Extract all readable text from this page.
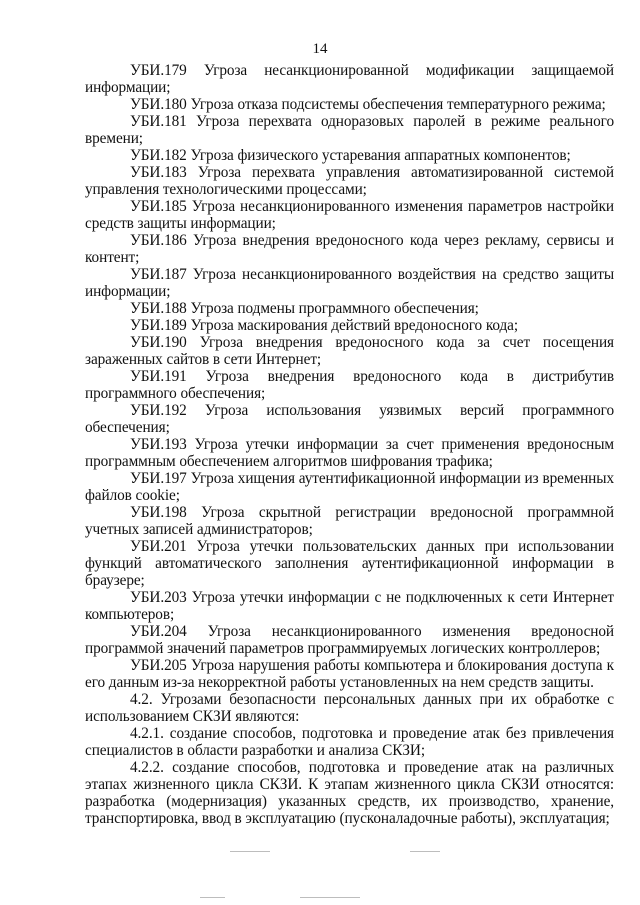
14

УБИ.179 Угроза несанкционированной модификации защищаемой информации;

УБИ.180 Угроза отказа подсистемы обеспечения температурного режима;

УБИ.181 Угроза перехвата одноразовых паролей в режиме реального времени;

УБИ.182 Угроза физического устаревания аппаратных компонентов;

УБИ.183 Угроза перехвата управления автоматизированной системой управления технологическими процессами;

УБИ.185 Угроза несанкционированного изменения параметров настройки средств защиты информации;

УБИ.186 Угроза внедрения вредоносного кода через рекламу, сервисы и контент;

УБИ.187 Угроза несанкционированного воздействия на средство защиты информации;

УБИ.188 Угроза подмены программного обеспечения;

УБИ.189 Угроза маскирования действий вредоносного кода;

УБИ.190 Угроза внедрения вредоносного кода за счет посещения зараженных сайтов в сети Интернет;

УБИ.191 Угроза внедрения вредоносного кода в дистрибутив программного обеспечения;

УБИ.192 Угроза использования уязвимых версий программного обеспечения;

УБИ.193 Угроза утечки информации за счет применения вредоносным программным обеспечением алгоритмов шифрования трафика;

УБИ.197 Угроза хищения аутентификационной информации из временных файлов cookie;

УБИ.198 Угроза скрытной регистрации вредоносной программной учетных записей администраторов;

УБИ.201 Угроза утечки пользовательских данных при использовании функций автоматического заполнения аутентификационной информации в браузере;

УБИ.203 Угроза утечки информации с не подключенных к сети Интернет компьютеров;

УБИ.204 Угроза несанкционированного изменения вредоносной программой значений параметров программируемых логических контроллеров;

УБИ.205 Угроза нарушения работы компьютера и блокирования доступа к его данным из-за некорректной работы установленных на нем средств защиты.

4.2. Угрозами безопасности персональных данных при их обработке с использованием СКЗИ являются:

4.2.1. создание способов, подготовка и проведение атак без привлечения специалистов в области разработки и анализа СКЗИ;

4.2.2. создание способов, подготовка и проведение атак на различных этапах жизненного цикла СКЗИ. К этапам жизненного цикла СКЗИ относятся: разработка (модернизация) указанных средств, их производство, хранение, транспортировка, ввод в эксплуатацию (пусконаладочные работы), эксплуатация;
